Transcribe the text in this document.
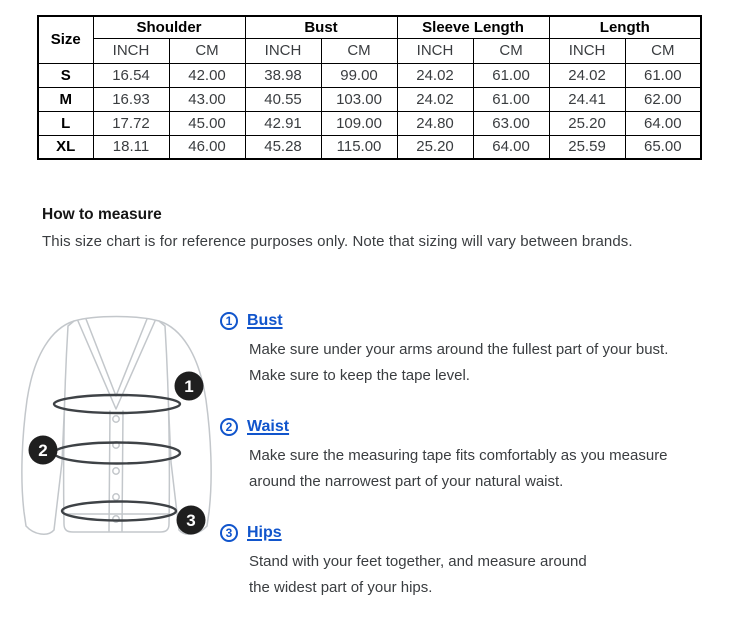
Size	Shoulder		Bust		Sleeve Length		Length	
	INCH	CM	INCH	CM	INCH	CM	INCH	CM
S	16.54	42.00	38.98	99.00	24.02	61.00	24.02	61.00
M	16.93	43.00	40.55	103.00	24.02	61.00	24.41	62.00
L	17.72	45.00	42.91	109.00	24.80	63.00	25.20	64.00
XL	18.11	46.00	45.28	115.00	25.20	64.00	25.59	65.00
How to measure

This size chart is for reference purposes only. Note that sizing will vary between brands.

1
2
3
1 Bust
Make sure under your arms around the fullest part of your bust.
Make sure to keep the tape level.
2 Waist
Make sure the measuring tape fits comfortably as you measure
around the narrowest part of your natural waist.
3 Hips
Stand with your feet together, and measure around
the widest part of your hips.
